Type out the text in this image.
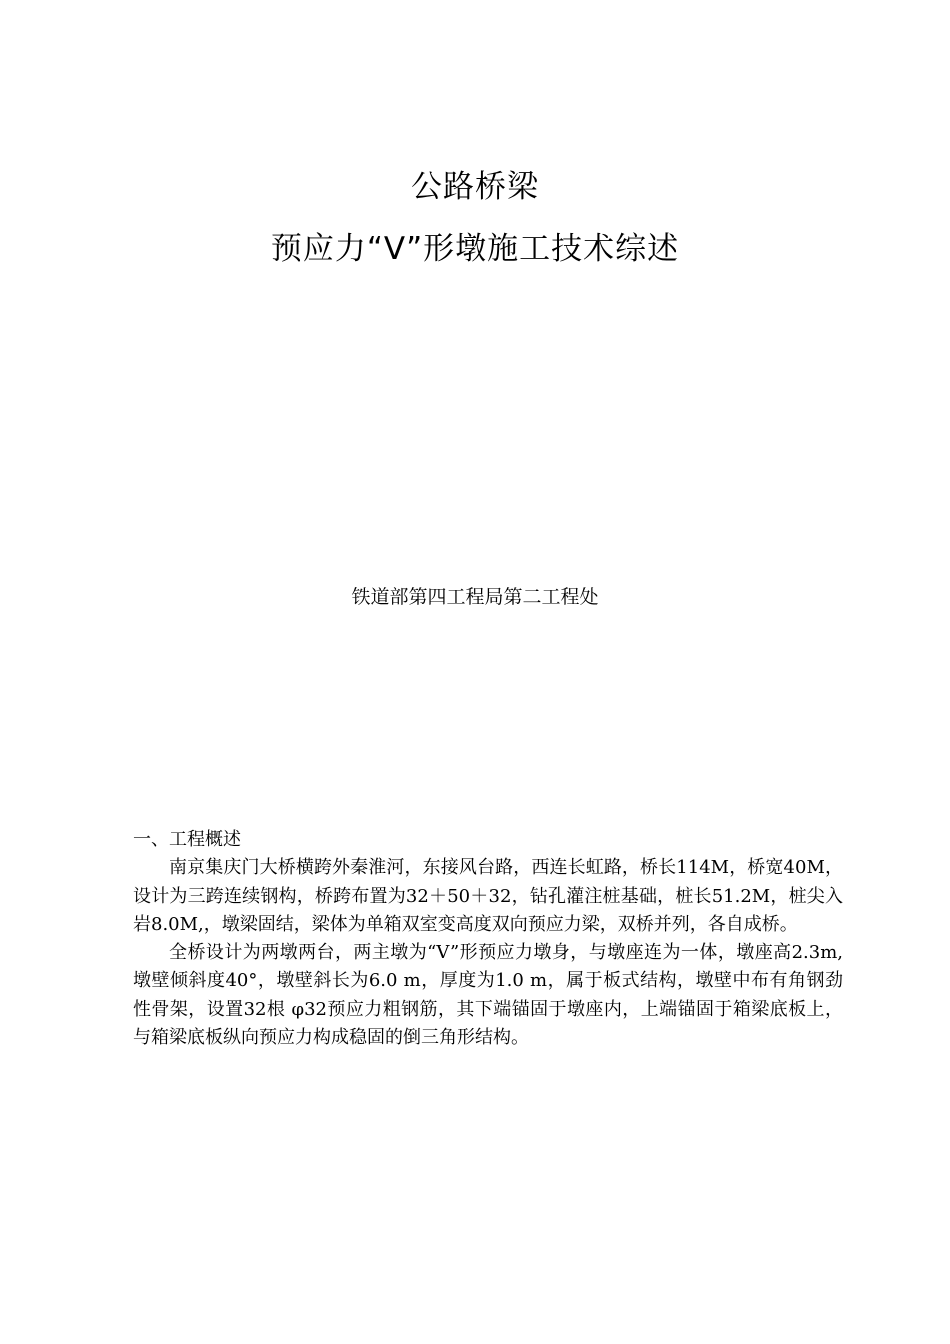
公路桥梁
预应力“V”形墩施工技术综述
铁道部第四工程局第二工程处

一、工程概述

南京集庆门大桥横跨外秦淮河，东接风台路，西连长虹路，桥长114M，桥宽40M，设计为三跨连续钢构，桥跨布置为32＋50＋32，钻孔灌注桩基础，桩长51.2M，桩尖入岩8.0M,，墩梁固结，梁体为单箱双室变高度双向预应力梁，双桥并列，各自成桥。

全桥设计为两墩两台，两主墩为“V”形预应力墩身，与墩座连为一体，墩座高2.3m,墩壁倾斜度40°，墩壁斜长为6.0 m，厚度为1.0 m，属于板式结构，墩壁中布有角钢劲性骨架，设置32根 φ32预应力粗钢筋，其下端锚固于墩座内，上端锚固于箱梁底板上，与箱梁底板纵向预应力构成稳固的倒三角形结构。
